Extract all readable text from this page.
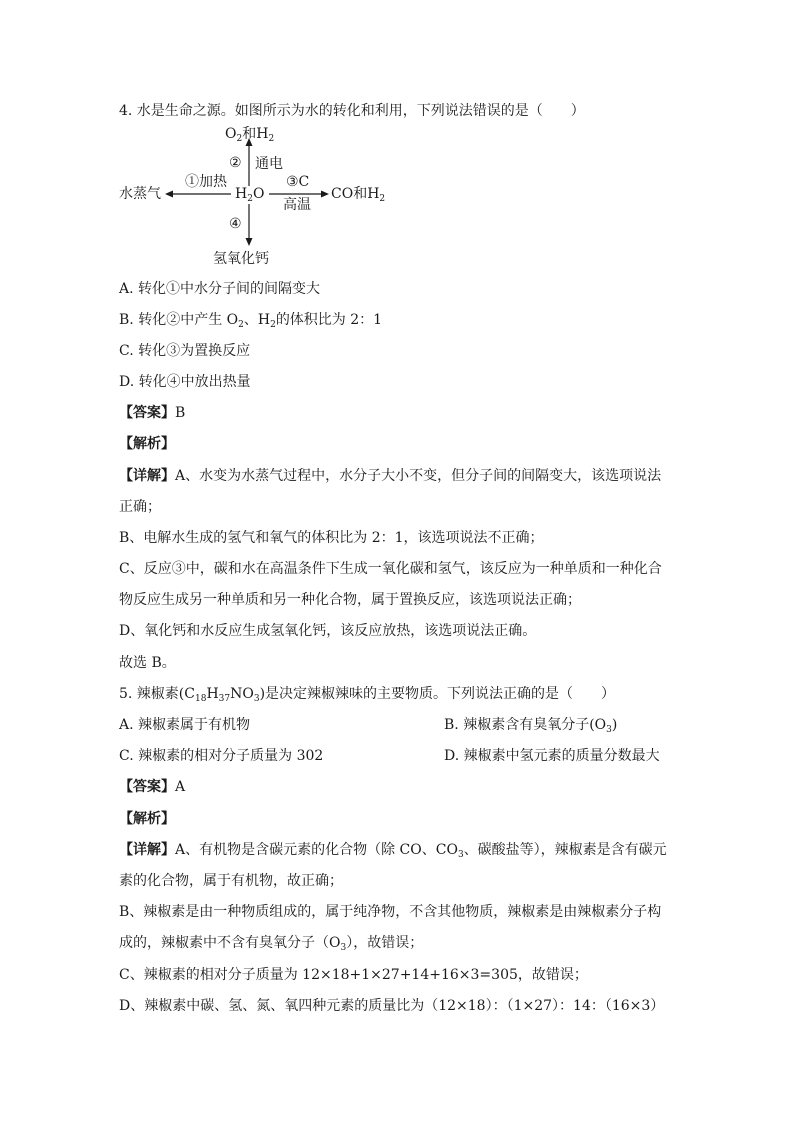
4. 水是生命之源。如图所示为水的转化和利用，下列说法错误的是（　　）
$O_2$和$H_2$
② 通电
水蒸气
①加热
$H_2O$
③C
高温
CO和$H_2$
④
氢氧化钙
A. 转化①中水分子间的间隔变大
B. 转化②中产生 $O_2$、$H_2$的体积比为 2：1
C. 转化③为置换反应
D. 转化④中放出热量
【答案】B
【解析】
【详解】A、水变为水蒸气过程中，水分子大小不变，但分子间的间隔变大，该选项说法
正确；
B、电解水生成的氢气和氧气的体积比为 2：1，该选项说法不正确；
C、反应③中，碳和水在高温条件下生成一氧化碳和氢气，该反应为一种单质和一种化合
物反应生成另一种单质和另一种化合物，属于置换反应，该选项说法正确；
D、氧化钙和水反应生成氢氧化钙，该反应放热，该选项说法正确。
故选 B。
5. 辣椒素$(C_{18}H_{37}NO_3)$是决定辣椒辣味的主要物质。下列说法正确的是（　　）
A. 辣椒素属于有机物	B. 辣椒素含有臭氧分子$(O_3)$
C. 辣椒素的相对分子质量为 302	D. 辣椒素中氢元素的质量分数最大
【答案】A
【解析】
【详解】A、有机物是含碳元素的化合物（除 CO、$CO_3$、碳酸盐等），辣椒素是含有碳元
素的化合物，属于有机物，故正确；
B、辣椒素是由一种物质组成的，属于纯净物，不含其他物质，辣椒素是由辣椒素分子构
成的，辣椒素中不含有臭氧分子$(O_3)$，故错误；
C、辣椒素的相对分子质量为 12×18+1×27+14+16×3=305，故错误；
D、辣椒素中碳、氢、氮、氧四种元素的质量比为（12×18）：（1×27）：14：（16×3）
